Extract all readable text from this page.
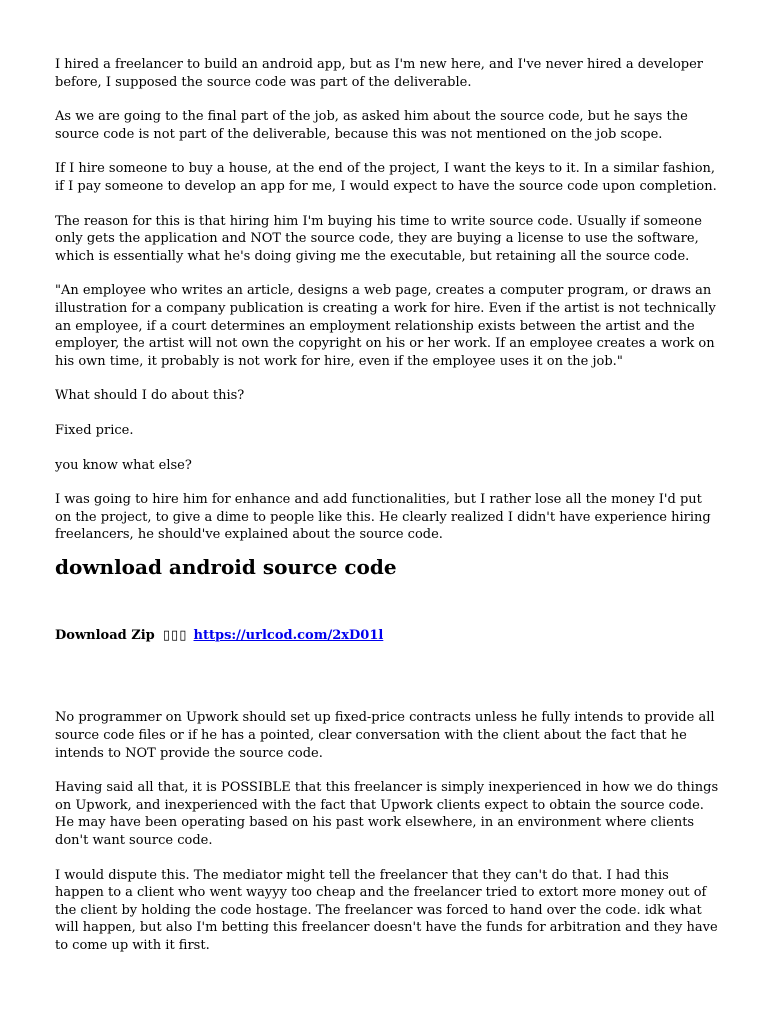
I hired a freelancer to build an android app, but as I'm new here, and I've never hired a developer before, I supposed the source code was part of the deliverable.

As we are going to the final part of the job, as asked him about the source code, but he says the source code is not part of the deliverable, because this was not mentioned on the job scope.

If I hire someone to buy a house, at the end of the project, I want the keys to it. In a similar fashion, if I pay someone to develop an app for me, I would expect to have the source code upon completion.

The reason for this is that hiring him I'm buying his time to write source code. Usually if someone only gets the application and NOT the source code, they are buying a license to use the software, which is essentially what he's doing giving me the executable, but retaining all the source code.

"An employee who writes an article, designs a web page, creates a computer program, or draws an illustration for a company publication is creating a work for hire. Even if the artist is not technically an employee, if a court determines an employment relationship exists between the artist and the employer, the artist will not own the copyright on his or her work. If an employee creates a work on his own time, it probably is not work for hire, even if the employee uses it on the job."

What should I do about this?

Fixed price.

you know what else?

I was going to hire him for enhance and add functionalities, but I rather lose all the money I'd put on the project, to give a dime to people like this. He clearly realized I didn't have experience hiring freelancers, he should've explained about the source code.

download android source code
Download Zip ▯▯▯ https://urlcod.com/2xD01l

No programmer on Upwork should set up fixed-price contracts unless he fully intends to provide all source code files or if he has a pointed, clear conversation with the client about the fact that he intends to NOT provide the source code.

Having said all that, it is POSSIBLE that this freelancer is simply inexperienced in how we do things on Upwork, and inexperienced with the fact that Upwork clients expect to obtain the source code. He may have been operating based on his past work elsewhere, in an environment where clients don't want source code.

I would dispute this. The mediator might tell the freelancer that they can't do that. I had this happen to a client who went wayyy too cheap and the freelancer tried to extort more money out of the client by holding the code hostage. The freelancer was forced to hand over the code. idk what will happen, but also I'm betting this freelancer doesn't have the funds for arbitration and they have to come up with it first.
